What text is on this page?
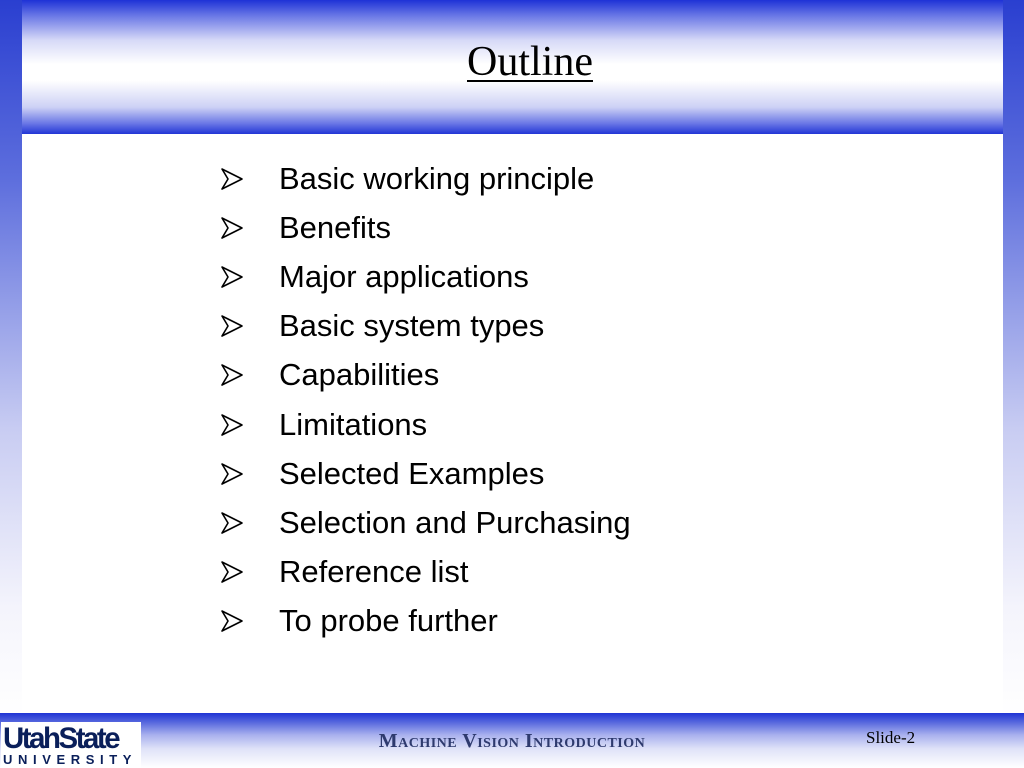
Outline
Basic working principle
Benefits
Major applications
Basic system types
Capabilities
Limitations
Selected Examples
Selection and Purchasing
Reference list
To probe further
UtahState
UNIVERSITY
Machine Vision Introduction	Slide-2
